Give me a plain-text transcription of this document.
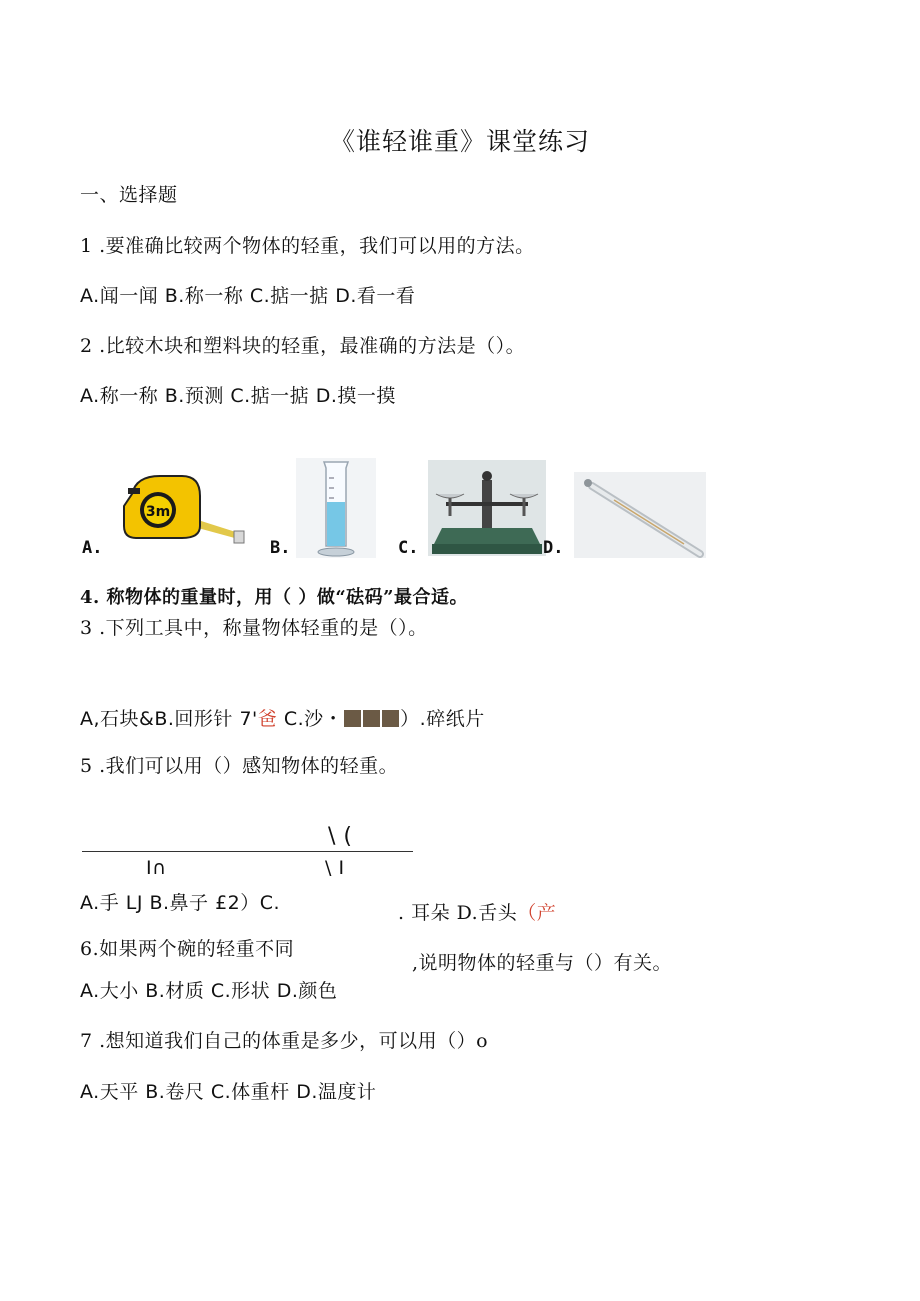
《谁轻谁重》课堂练习
一、选择题
1 .要准确比较两个物体的轻重，我们可以用的方法。
A.闻一闻 B.称一称 C.掂一掂 D.看一看
2 .比较木块和塑料块的轻重，最准确的方法是（）。
A.称一称 B.预测 C.掂一掂 D.摸一摸
A.
3m
B.	C.	D.
4. 称物体的重量时，用（ ）做“砝码”最合适。
3 .下列工具中，称量物体轻重的是（）。
A,石块&B.回形针 7'爸 C.沙・	）.碎纸片
5 .我们可以用（）感知物体的轻重。
\ (
I∩	\ I
A.手 LJ B.鼻子 £2）C.	. 耳朵 D.舌头（产
6.如果两个碗的轻重不同
,说明物体的轻重与（）有关。
A.大小 B.材质 C.形状 D.颜色
7 .想知道我们自己的体重是多少，可以用（）o
A.天平 B.卷尺 C.体重杆 D.温度计
